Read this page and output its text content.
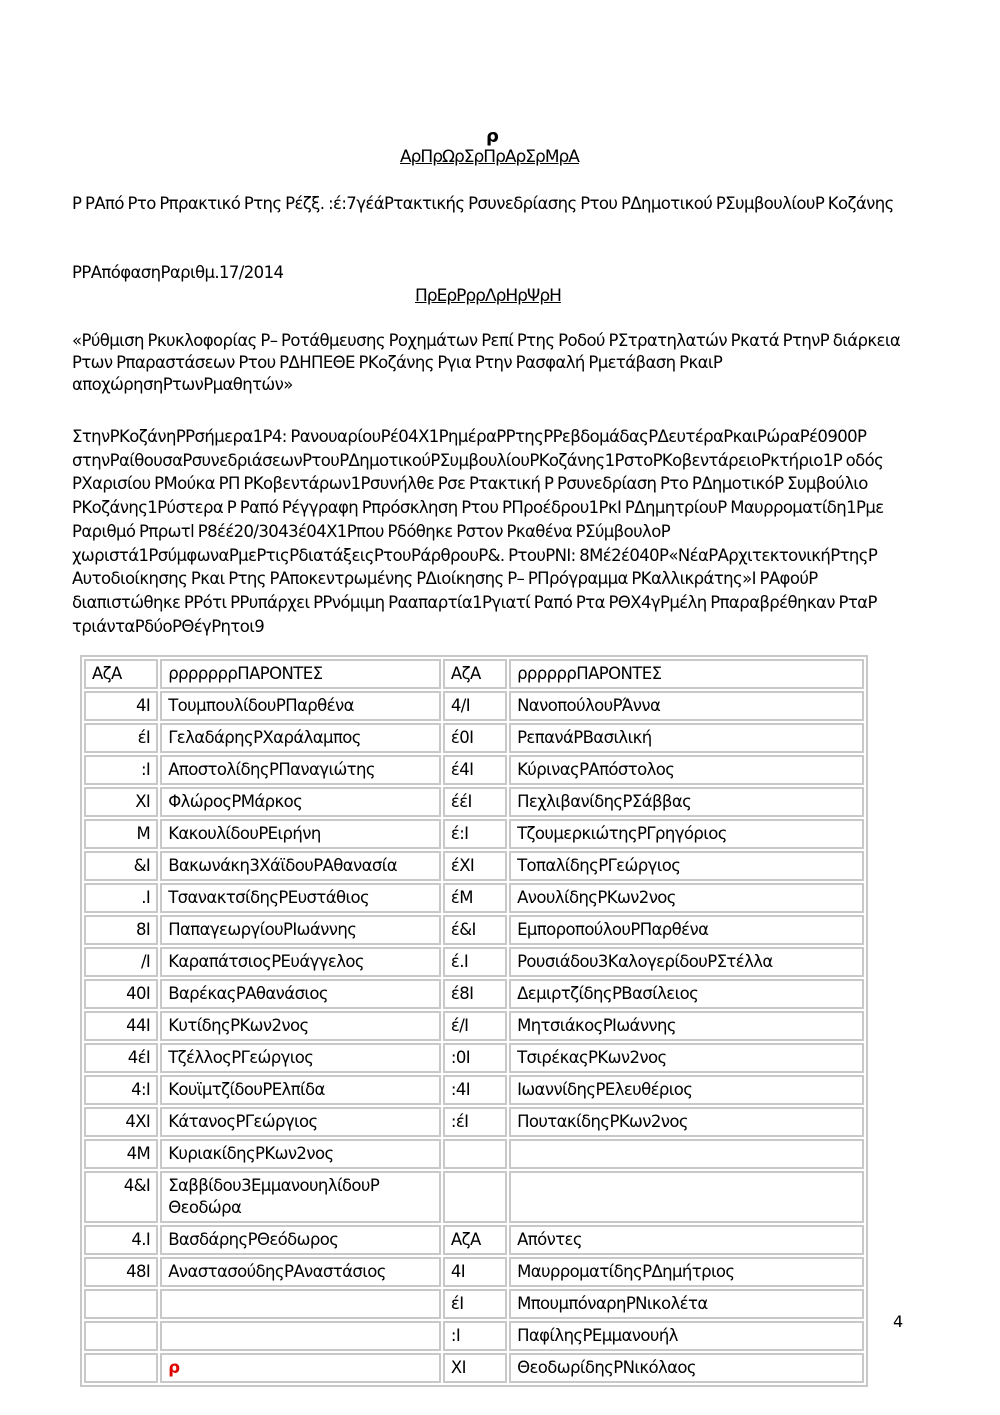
ρ
ΑρΠρΩρΣρΠρΑρΣρΜρΑ
Ρ ΡΑπό Ρτο Ρπρακτικό Ρτης Ρέζξ. :έ:7γέάΡτακτικής Ρσυνεδρίασης Ρτου ΡΔημοτικού ΡΣυμβουλίουΡ Κοζάνης
ΡΡΑπόφασηΡαριθμ.17/2014
ΠρΕρΡρρΛρΗρΨρΗ
«Ρύθμιση Ρκυκλοφορίας Ρ– Ροτάθμευσης Ροχημάτων Ρεπί Ρτης Ροδού ΡΣτρατηλατών Ρκατά ΡτηνΡ διάρκεια Ρτων Ρπαραστάσεων Ρτου ΡΔΗΠΕΘΕ ΡΚοζάνης Ργια Ρτην Ρασφαλή Ρμετάβαση ΡκαιΡ αποχώρησηΡτωνΡμαθητών»
ΣτηνΡΚοζάνηΡΡσήμερα1Ρ4: ΡανουαρίουΡέ04Χ1ΡημέραΡΡτηςΡΡεβδομάδαςΡΔευτέραΡκαιΡώραΡέ0900Ρ στηνΡαίθουσαΡσυνεδριάσεωνΡτουΡΔημοτικούΡΣυμβουλίουΡΚοζάνης1ΡστοΡΚοβεντάρειοΡκτήριο1Ρ οδός ΡΧαρισίου ΡΜούκα ΡΠ ΡΚοβεντάρων1Ρσυνήλθε Ρσε Ρτακτική Ρ Ρσυνεδρίαση Ρτο ΡΔημοτικόΡ Συμβούλιο ΡΚοζάνης1Ρύστερα Ρ Ραπό Ρέγγραφη Ρπρόσκληση Ρτου ΡΠροέδρου1ΡκΙ ΡΔημητρίουΡ Μαυρροματίδη1Ρμε Ραριθμό Ρπρωτl Ρ8έέ20/3043έ04Χ1Ρπου Ρδόθηκε Ρστον Ρκαθένα ΡΣύμβουλοΡ χωριστά1ΡσύμφωναΡμεΡτιςΡδιατάξειςΡτουΡάρθρουΡ&. ΡτουΡΝΙ: 8Μέ2έ040Ρ«ΝέαΡΑρχιτεκτονικήΡτηςΡ Αυτοδιοίκησης Ρκαι Ρτης ΡΑποκεντρωμένης ΡΔιοίκησης Ρ– ΡΠρόγραμμα ΡΚαλλικράτης»Ι ΡΑφούΡ διαπιστώθηκε ΡΡότι ΡΡυπάρχει ΡΡνόμιμη Ρααπαρτία1Ργιατί Ραπό Ρτα ΡΘΧ4γΡμέλη Ρπαραβρέθηκαν ΡταΡ τριάνταΡδύοΡΘέγΡητοι9
ΑζΑ	ρρρρρρρΠΑΡΟΝΤΕΣ	ΑζΑ	ρρρρρρΠΑΡΟΝΤΕΣ
4Ι	ΤουμπουλίδουΡΠαρθένα	4/Ι	ΝανοπούλουΡΆννα
έΙ	ΓελαδάρηςΡΧαράλαμπος	έ0Ι	ΡεπανάΡΒασιλική
:Ι	ΑποστολίδηςΡΠαναγιώτης	έ4Ι	ΚύριναςΡΑπόστολος
ΧΙ	ΦλώροςΡΜάρκος	έέΙ	ΠεχλιβανίδηςΡΣάββας
Μ	ΚακουλίδουΡΕιρήνη	έ:Ι	ΤζουμερκιώτηςΡΓρηγόριος
&Ι	Βακωνάκη3ΧάϊδουΡΑθανασία	έΧΙ	ΤοπαλίδηςΡΓεώργιος
.Ι	ΤσανακτσίδηςΡΕυστάθιος	έΜ	ΑνουλίδηςΡΚων2νος
8Ι	ΠαπαγεωργίουΡΙωάννης	έ&Ι	ΕμποροπούλουΡΠαρθένα
/Ι	ΚαραπάτσιοςΡΕυάγγελος	έ.Ι	Ρουσιάδου3ΚαλογερίδουΡΣτέλλα
40Ι	ΒαρέκαςΡΑθανάσιος	έ8Ι	ΔεμιρτζίδηςΡΒασίλειος
44Ι	ΚυτίδηςΡΚων2νος	έ/Ι	ΜητσιάκοςΡΙωάννης
4έΙ	ΤζέλλοςΡΓεώργιος	:0Ι	ΤσιρέκαςΡΚων2νος
4:Ι	ΚουϊμτζίδουΡΕλπίδα	:4Ι	ΙωαννίδηςΡΕλευθέριος
4ΧΙ	ΚάτανοςΡΓεώργιος	:έΙ	ΠουτακίδηςΡΚων2νος
4Μ	ΚυριακίδηςΡΚων2νος		
4&Ι	Σαββίδου3ΕμμανουηλίδουΡ Θεοδώρα		
4.Ι	ΒασδάρηςΡΘεόδωρος	ΑζΑ	Απόντες
48Ι	ΑναστασούδηςΡΑναστάσιος	4Ι	ΜαυρροματίδηςΡΔημήτριος
		έΙ	ΜπουμπόναρηΡΝικολέτα
		:Ι	ΠαφίληςΡΕμμανουήλ
	ρ	ΧΙ	ΘεοδωρίδηςΡΝικόλαος
4
